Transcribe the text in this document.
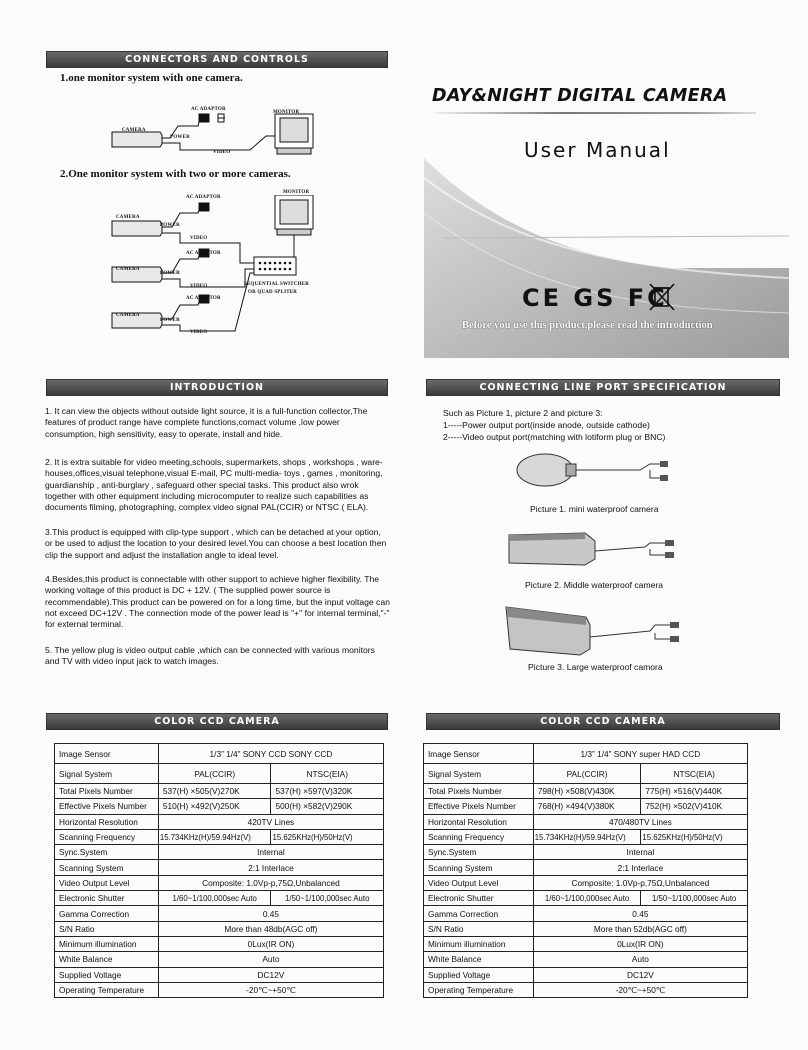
CONNECTORS AND CONTROLS
1.one monitor system with one camera.
AC ADAPTOR
CAMERA
POWER
VIDEO
MONITOR
2.One monitor system with two or more cameras.
AC ADAPTOR
MONITOR
CAMERA
POWER
VIDEO
AC ADAPTOR
CAMERA
POWER
VIDEO	SEQUENTIAL SWITCHER
OR QUAD SPLITER
AC ADAPTOR
CAMERA
POWER
VIDEO
DAY&NIGHT DIGITAL CAMERA
User Manual
CE GS FC
Before you use this product,please read the introduction
INTRODUCTION
1. It can view the objects without outside light source, it is a full-function collector,The features of product range have complete functions,comact volume ,low power consumption, high sensitivity, easy to operate, install and hide.
2. It is extra suitable for video meeting,schools, supermarkets, shops , workshops , ware-houses,offices,visual telephone,visual E-mail, PC multi-media- toys , games , monitoring, guardianship , anti-burglary , safeguard other special tasks. This product also wrok together with other equipment including microcomputer to realize such capabilities as documents filming, photographing, complex video signal PAL(CCIR) or NTSC ( ELA).
3.This product is equipped with clip-type support , which can be detached at your option, or be used to adjust the location to your desired level.You can choose a best location then clip the support and adjust the installation angle to ideal level.
4.Besides,this product is connectable with other support to achieve higher flexibility. The working voltage of this product is DC + 12V. ( The supplied power source is recommendable).This product can be powered on for a long time, but the input voltage can not exceed DC+12V . The connection mode of the power lead is "+" for internal terminal,"-" for external terminal.
5. The yellow plug is video output cable ,which can be connected with various monitors and TV with video input jack to watch images.
CONNECTING LINE PORT SPECIFICATION
Such as Picture 1, picture 2 and picture 3:
1-----Power output port(inside anode, outside cathode)
2-----Video output port(matching with lotiform plug or BNC)
Picture 1. mini waterproof camera
Picture 2. Middle waterproof camera
Picture 3. Large waterproof camora
COLOR CCD CAMERA
Image Sensor	1/3” 1/4” SONY CCD SONY CCD	
Signal System	PAL(CCIR)	NTSC(EIA)
Total Pixels Number	537(H) ×505(V)270K	537(H) ×597(V)320K
Effective Pixels Number	510(H) ×492(V)250K	500(H) ×582(V)290K
Horizontal Resolution	420TV Lines	
Scanning Frequency	15.734KHz(H)/59.94Hz(V)	15.625KHz(H)/50Hz(V)
Sync.System	Internal	
Scanning System	2:1 Interlace	
Video Output Level	Composite: 1.0Vp-p,75Ω,Unbalanced	
Electronic Shutter	1/60~1/100,000sec Auto	1/50~1/100,000sec Auto
Gamma Correction	0.45	
S/N Ratio	More than 48db(AGC off)	
Minimum illumination	0Lux(IR ON)	
White Balance	Auto	
Supplied Voltage	DC12V	
Operating Temperature	-20℃~+50℃	
COLOR CCD CAMERA
Image Sensor	1/3” 1/4” SONY super HAD CCD	
Signal System	PAL(CCIR)	NTSC(EIA)
Total Pixels Number	798(H) ×508(V)430K	775(H) ×516(V)440K
Effective Pixels Number	768(H) ×494(V)380K	752(H) ×502(V)410K
Horizontal Resolution	470/480TV Lines	
Scanning Frequency	15.734KHz(H)/59.94Hz(V)	15.625KHz(H)/50Hz(V)
Sync.System	Internal	
Scanning System	2:1 Interlace	
Video Output Level	Composite: 1.0Vp-p,75Ω,Unbalanced	
Electronic Shutter	1/60~1/100,000sec Auto	1/50~1/100,000sec Auto
Gamma Correction	0.45	
S/N Ratio	More than 52db(AGC off)	
Minimum illumination	0Lux(IR ON)	
White Balance	Auto	
Supplied Voltage	DC12V	
Operating Temperature	-20℃~+50℃	
